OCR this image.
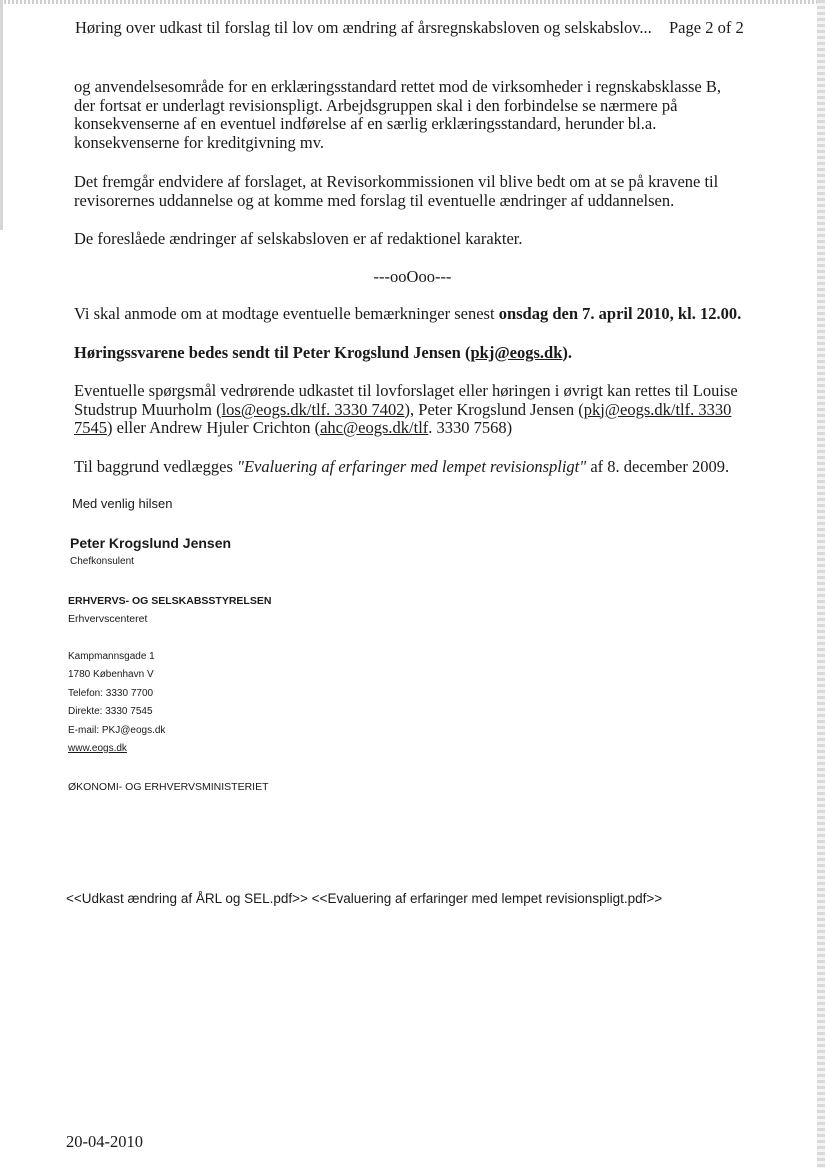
Høring over udkast til forslag til lov om ændring af årsregnskabsloven og selskabslov... Page 2 of 2
og anvendelsesområde for en erklæringsstandard rettet mod de virksomheder i regnskabsklasse B,
der fortsat er underlagt revisionspligt. Arbejdsgruppen skal i den forbindelse se nærmere på
konsekvenserne af en eventuel indførelse af en særlig erklæringsstandard, herunder bl.a.
konsekvenserne for kreditgivning mv.
Det fremgår endvidere af forslaget, at Revisorkommissionen vil blive bedt om at se på kravene til
revisorernes uddannelse og at komme med forslag til eventuelle ændringer af uddannelsen.
De foreslåede ændringer af selskabsloven er af redaktionel karakter.
---ooOoo---
Vi skal anmode om at modtage eventuelle bemærkninger senest onsdag den 7. april 2010, kl. 12.00.
Høringssvarene bedes sendt til Peter Krogslund Jensen (pkj@eogs.dk).
Eventuelle spørgsmål vedrørende udkastet til lovforslaget eller høringen i øvrigt kan rettes til Louise
Studstrup Muurholm (los@eogs.dk/tlf. 3330 7402), Peter Krogslund Jensen (pkj@eogs.dk/tlf. 3330
7545) eller Andrew Hjuler Crichton (ahc@eogs.dk/tlf. 3330 7568)
Til baggrund vedlægges "Evaluering af erfaringer med lempet revisionspligt" af 8. december 2009.
Med venlig hilsen
Peter Krogslund Jensen
Chefkonsulent
ERHVERVS- OG SELSKABSSTYRELSEN
Erhvervscenteret
Kampmannsgade 1
1780 København V
Telefon: 3330 7700
Direkte: 3330 7545
E-mail: PKJ@eogs.dk
www.eogs.dk
ØKONOMI- OG ERHVERVSMINISTERIET
<<Udkast ændring af ÅRL og SEL.pdf>> <<Evaluering af erfaringer med lempet revisionspligt.pdf>>
20-04-2010
